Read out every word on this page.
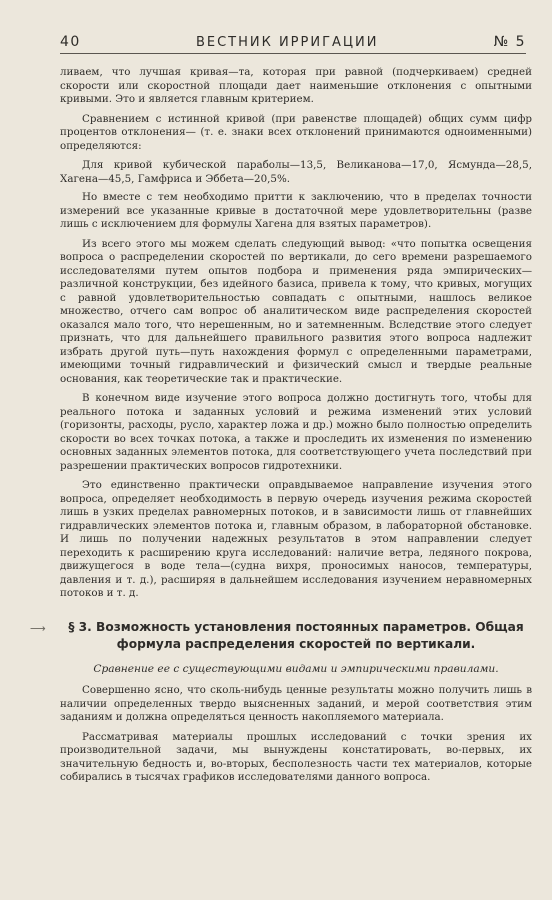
40	ВЕСТНИК ИРРИГАЦИИ	№ 5

ливаем, что лучшая кривая—та, которая при равной (подчеркиваем) средней скорости или скоростной площади дает наименьшие отклонения с опытными кривыми. Это и является главным критерием.

Сравнением с истинной кривой (при равенстве площадей) общих сумм цифр процентов отклонения— (т. е. знаки всех отклонений принимаются одноименными) определяются:

Для кривой кубической параболы—13,5, Великанова—17,0, Ясмунда—28,5, Хагена—45,5, Гамфриса и Эббета—20,5%.

Но вместе с тем необходимо притти к заключению, что в пределах точности измерений все указанные кривые в достаточной мере удовлетворительны (разве лишь с исключением для формулы Хагена для взятых параметров).

Из всего этого мы можем сделать следующий вывод: «что попытка освещения вопроса о распределении скоростей по вертикали, до сего времени разрешаемого исследователями путем опытов подбора и применения ряда эмпирических—различной конструкции, без идейного базиса, привела к тому, что кривых, могущих с равной удовлетворительностью совпадать с опытными, нашлось великое множество, отчего сам вопрос об аналитическом виде распределения скоростей оказался мало того, что нерешенным, но и затемненным. Вследствие этого следует признать, что для дальнейшего правильного развития этого вопроса надлежит избрать другой путь—путь нахождения формул с определенными параметрами, имеющими точный гидравлический и физический смысл и твердые реальные основания, как теоретические так и практические.

В конечном виде изучение этого вопроса должно достигнуть того, чтобы для реального потока и заданных условий и режима изменений этих условий (горизонты, расходы, русло, характер ложа и др.) можно было полностью определить скорости во всех точках потока, а также и проследить их изменения по изменению основных заданных элементов потока, для соответствующего учета последствий при разрешении практических вопросов гидротехники.

Это единственно практически оправдываемое направление изучения этого вопроса, определяет необходимость в первую очередь изучения режима скоростей лишь в узких пределах равномерных потоков, и в зависимости лишь от главнейших гидравлических элементов потока и, главным образом, в лабораторной обстановке. И лишь по получении надежных результатов в этом направлении следует переходить к расширению круга исследований: наличие ветра, ледяного покрова, движущегося в воде тела—(судна вихря, проносимых наносов, температуры, давления и т. д.), расширяя в дальнейшем исследования изучением неравномерных потоков и т. д.

⟶ § 3. Возможность установления постоянных параметров. Общая формула распределения скоростей по вертикали.
Сравнение ее с существующими видами и эмпирическими правилами.

Совершенно ясно, что сколь-нибудь ценные результаты можно получить лишь в наличии определенных твердо выясненных заданий, и мерой соответствия этим заданиям и должна определяться ценность накопляемого материала.

Рассматривая материалы прошлых исследований с точки зрения их производительной задачи, мы вынуждены констатировать, во-первых, их значительную бедность и, во-вторых, бесполезность части тех материалов, которые собирались в тысячах графиков исследователями данного вопроса.
